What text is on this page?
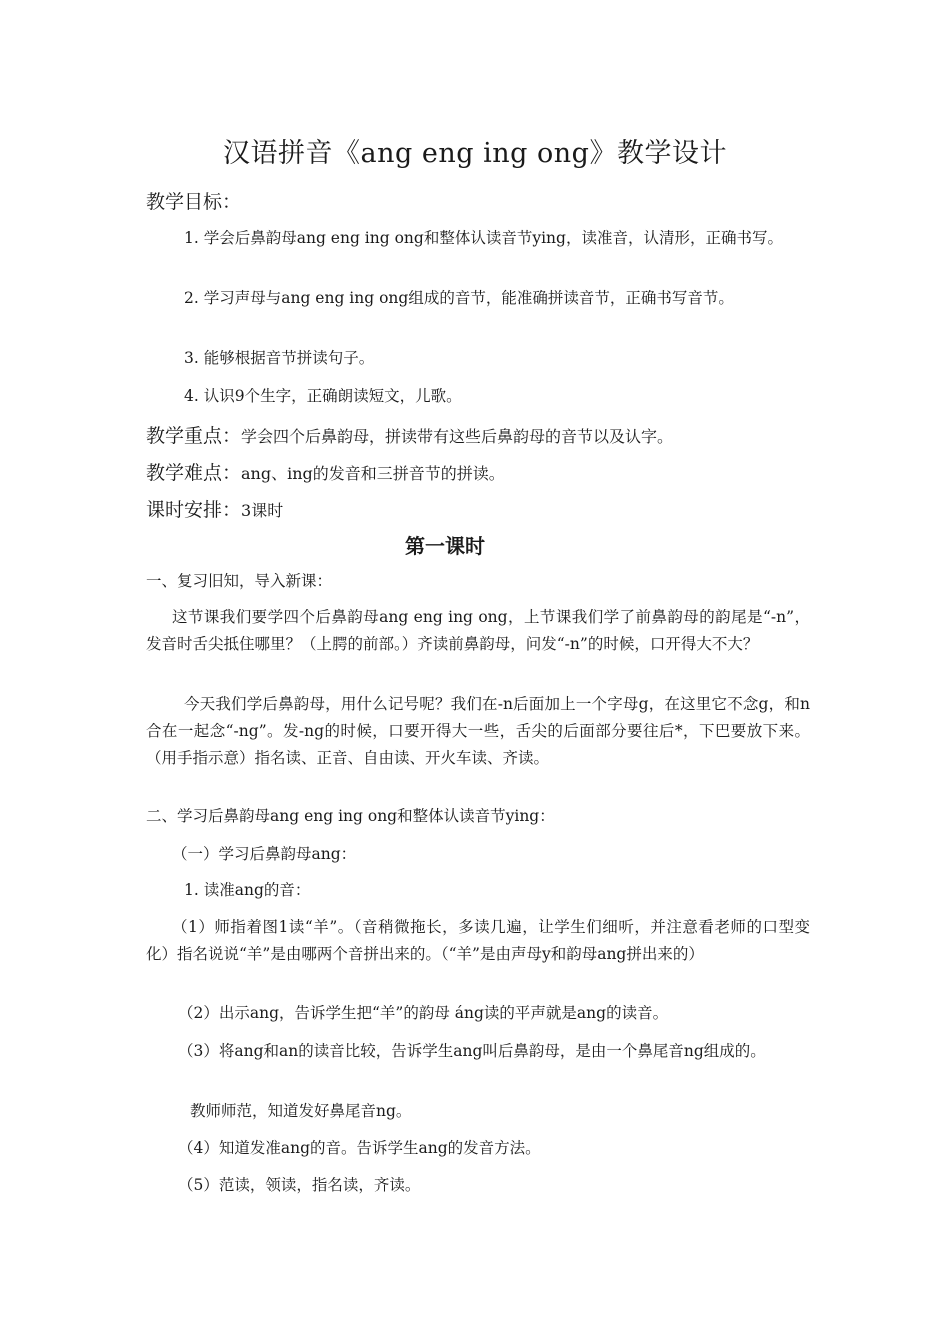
汉语拼音《ang eng ing ong》教学设计
教学目标：
1. 学会后鼻韵母ang eng ing ong和整体认读音节ying，读准音，认清形，正确书写。
2. 学习声母与ang eng ing ong组成的音节，能准确拼读音节，正确书写音节。
3. 能够根据音节拼读句子。
4. 认识9个生字，正确朗读短文，儿歌。
教学重点：学会四个后鼻韵母，拼读带有这些后鼻韵母的音节以及认字。
教学难点：ang、ing的发音和三拼音节的拼读。
课时安排：3课时
第一课时
一、复习旧知，导入新课：
这节课我们要学四个后鼻韵母ang eng ing ong，上节课我们学了前鼻韵母的韵尾是“-n”，发音时舌尖抵住哪里？（上腭的前部。）齐读前鼻韵母，问发“-n”的时候，口开得大不大？
今天我们学后鼻韵母，用什么记号呢？我们在-n后面加上一个字母g，在这里它不念g，和n合在一起念“-ng”。发-ng的时候，口要开得大一些，舌尖的后面部分要往后*，下巴要放下来。（用手指示意）指名读、正音、自由读、开火车读、齐读。
二、学习后鼻韵母ang eng ing ong和整体认读音节ying：
（一）学习后鼻韵母ang：
1. 读准ang的音：
（1）师指着图1读“羊”。（音稍微拖长，多读几遍，让学生们细听，并注意看老师的口型变化）指名说说“羊”是由哪两个音拼出来的。（“羊”是由声母y和韵母ang拼出来的）
（2）出示ang，告诉学生把“羊”的韵母 áng读的平声就是ang的读音。
（3）将ang和an的读音比较，告诉学生ang叫后鼻韵母，是由一个鼻尾音ng组成的。
教师师范，知道发好鼻尾音ng。
（4）知道发准ang的音。告诉学生ang的发音方法。
（5）范读，领读，指名读，齐读。
